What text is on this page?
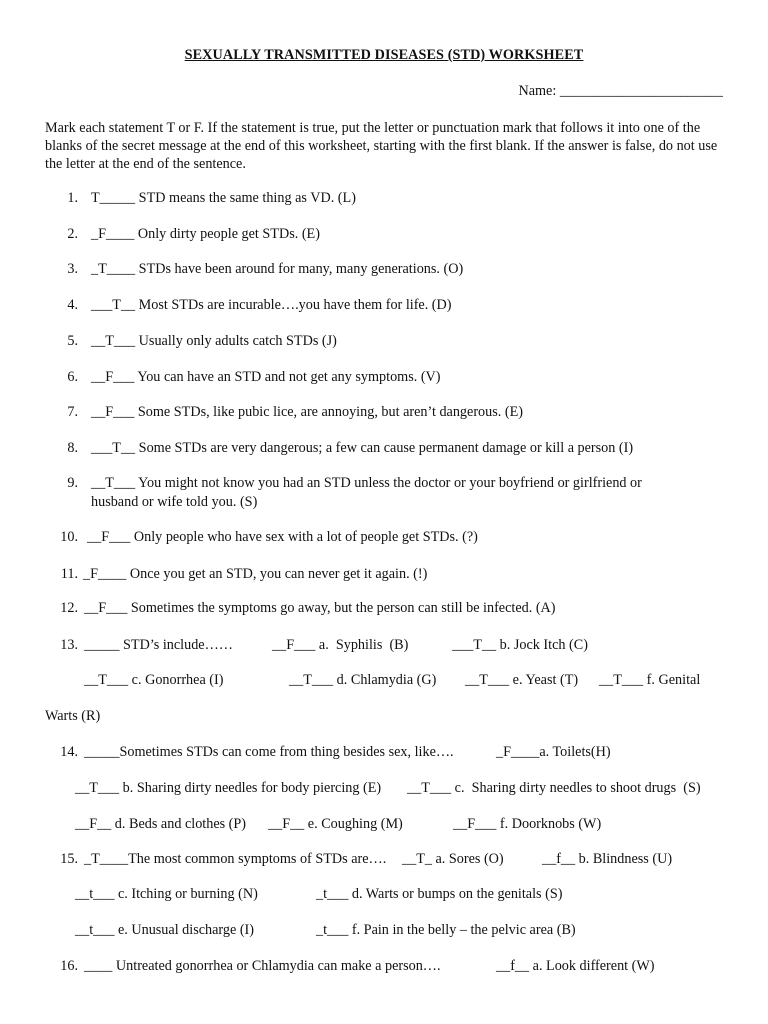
SEXUALLY TRANSMITTED DISEASES (STD) WORKSHEET
Name: _______________________
Mark each statement T or F. If the statement is true, put the letter or punctuation mark that follows it into one of the blanks of the secret message at the end of this worksheet, starting with the first blank. If the answer is false, do not use the letter at the end of the sentence.
1. T_____ STD means the same thing as VD. (L)
2. _F____ Only dirty people get STDs. (E)
3. _T____ STDs have been around for many, many generations. (O)
4. ___T__ Most STDs are incurable….you have them for life. (D)
5. __T___ Usually only adults catch STDs (J)
6. __F___ You can have an STD and not get any symptoms. (V)
7. __F___ Some STDs, like pubic lice, are annoying, but aren’t dangerous. (E)
8. ___T__ Some STDs are very dangerous; a few can cause permanent damage or kill a person (I)
9. __T___ You might not know you had an STD unless the doctor or your boyfriend or girlfriend or
husband or wife told you. (S)
10. __F___ Only people who have sex with a lot of people get STDs. (?)
11. _F____ Once you get an STD, you can never get it again. (!)
12. __F___ Sometimes the symptoms go away, but the person can still be infected. (A)
13. _____ STD’s include……	__F___ a.  Syphilis  (B)	___T__ b. Jock Itch (C)
__T___ c. Gonorrhea (I)	__T___ d. Chlamydia (G) __T___ e. Yeast (T) __T___ f. Genital
Warts (R)
14. _____Sometimes STDs can come from thing besides sex, like….	_F____a. Toilets(H)
__T___ b. Sharing dirty needles for body piercing (E) __T___ c.  Sharing dirty needles to shoot drugs  (S)
__F__ d. Beds and clothes (P) __F__ e. Coughing (M)	__F___ f. Doorknobs (W)
15. _T____The most common symptoms of STDs are…. __T_ a. Sores (O)	__f__ b. Blindness (U)
__t___ c. Itching or burning (N)	_t___ d. Warts or bumps on the genitals (S)
__t___ e. Unusual discharge (I)	_t___ f. Pain in the belly – the pelvic area (B)
16. ____ Untreated gonorrhea or Chlamydia can make a person….	__f__ a. Look different (W)
